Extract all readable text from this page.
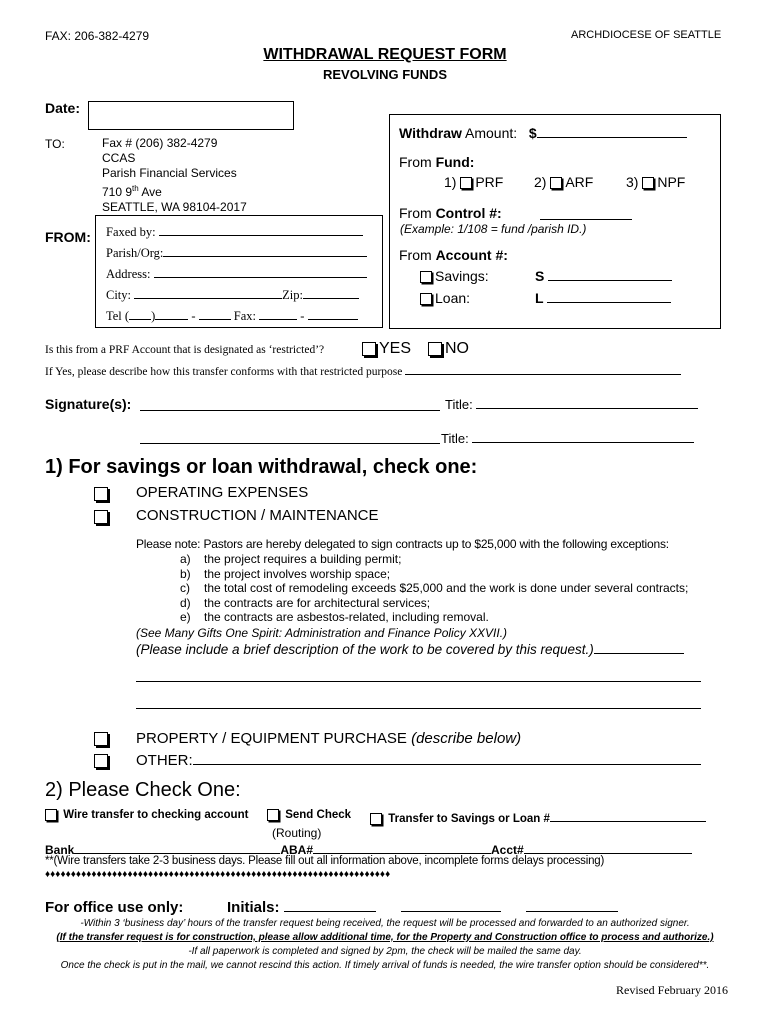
FAX: 206-382-4279	ARCHDIOCESE OF SEATTLE
WITHDRAWAL REQUEST FORM
REVOLVING FUNDS
Date:
TO:	Fax # (206) 382-4279
CCAS
Parish Financial Services
710 9th Ave
SEATTLE, WA 98104-2017
FROM: Faxed by:
Parish/Org:
Address:
City:	Zip:
Tel ( )	-	Fax:	-
Withdraw Amount: $
From Fund:
1) PRF 2) ARF 3) NPF
From Control #:
(Example: 1/108 = fund /parish ID.)
From Account #:
Savings:	S
Loan:	L
Is this from a PRF Account that is designated as ‘restricted’?	YES	NO
If Yes, please describe how this transfer conforms with that restricted purpose
Signature(s):	Title:
Title:
1) For savings or loan withdrawal, check one:
OPERATING EXPENSES
CONSTRUCTION / MAINTENANCE
Please note: Pastors are hereby delegated to sign contracts up to $25,000 with the following exceptions:
a) the project requires a building permit;
b) the project involves worship space;
c) the total cost of remodeling exceeds $25,000 and the work is done under several contracts;
d) the contracts are for architectural services;
e) the contracts are asbestos-related, including removal.
(See Many Gifts One Spirit: Administration and Finance Policy XXVII.)
(Please include a brief description of the work to be covered by this request.)
PROPERTY / EQUIPMENT PURCHASE (describe below)
OTHER:
2) Please Check One:
Wire transfer to checking account	Send Check	Transfer to Savings or Loan #
(Routing)
Bank	ABA#	Acct#
**(Wire transfers take 2-3 business days. Please fill out all information above, incomplete forms delays processing)
♦♦♦♦♦♦♦♦♦♦♦♦♦♦♦♦♦♦♦♦♦♦♦♦♦♦♦♦♦♦♦♦♦♦♦♦♦♦♦♦♦♦♦♦♦♦♦♦♦♦♦♦♦♦♦♦♦♦♦♦♦♦♦♦♦♦♦
For office use only:	Initials:
-Within 3 ‘business day’ hours of the transfer request being received, the request will be processed and forwarded to an authorized signer.
(If the transfer request is for construction, please allow additional time, for the Property and Construction office to process and authorize.)
-If all paperwork is completed and signed by 2pm, the check will be mailed the same day.
Once the check is put in the mail, we cannot rescind this action. If timely arrival of funds is needed, the wire transfer option should be considered**.
Revised February 2016
